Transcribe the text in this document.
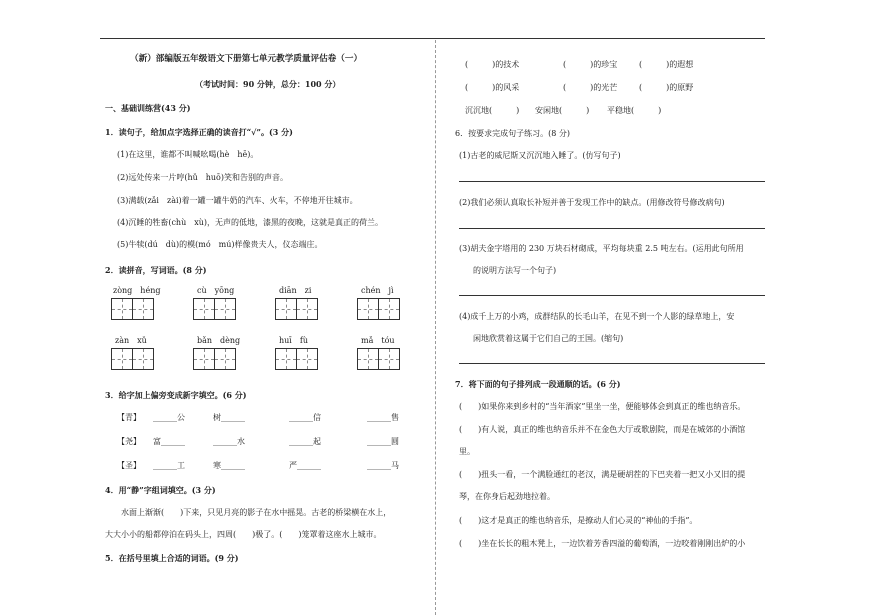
（新）部编版五年级语文下册第七单元教学质量评估卷（一）
（考试时间：90 分钟，总分：100 分）
一、基础训练营(43 分)
1．读句子，给加点字选择正确的读音打“√”。(3 分)
(1)在这里，谁都不叫喊吆喝(hè　hē)。
(2)远处传来一片哼(hǔ　huō)笑和告别的声音。
(3)满载(zǎi　zài)着一罐一罐牛奶的汽车、火车，不停地开往城市。
(4)沉睡的牲畜(chù　xù)，无声的低地，漆黑的夜晚，这就是真正的荷兰。
(5)牛犊(dú　dù)的模(mó　mú)样像贵夫人，仪态端庄。
2．读拼音，写词语。(8 分)
zòng　héng	cù　yōng	diān　zi	chén　jì
zàn　xǔ	bǎn　dèng	huī　fù	mǎ　tóu
3．给字加上偏旁变成新字填空。(6 分)
【青】 ______公	树______	______信	______售
【尧】 富______	______水	______起	______圆
【圣】 ______工	寒______	严______	______马
4．用“静”字组词填空。(3 分)
水面上渐渐(　　)下来，只见月亮的影子在水中摇晃。古老的桥梁横在水上，
大大小小的船都停泊在码头上，四周(　　)极了。(　　)笼罩着这座水上城市。
5．在括号里填上合适的词语。(9 分)
(　　　)的技术	(　　　)的珍宝	(　　　)的遐想
(　　　)的风采	(　　　)的光芒	(　　　)的原野
沉沉地(　　　) 安闲地(　　　) 平稳地(　　　)
6．按要求完成句子练习。(8 分)
(1)古老的威尼斯又沉沉地入睡了。(仿写句子)
(2)我们必须认真取长补短并善于发现工作中的缺点。(用修改符号修改病句)
(3)胡夫金字塔用的 230 万块石材砌成，平均每块重 2.5 吨左右。(运用此句所用
的说明方法写一个句子)
(4)成千上万的小鸡，成群结队的长毛山羊，在见不到一个人影的绿草地上，安
闲地欣赏着这属于它们自己的王国。(缩句)
7．将下面的句子排列成一段通顺的话。(6 分)
(　　)如果你来到乡村的“当年酒家”里坐一坐，便能够体会到真正的维也纳音乐。
(　　)有人说，真正的维也纳音乐并不在金色大厅或歌剧院，而是在城郊的小酒馆
里。
(　　)扭头一看，一个满脸通红的老汉，满是硬胡茬的下巴夹着一把又小又旧的提
琴，在你身后起劲地拉着。
(　　)这才是真正的维也纳音乐，是撩动人们心灵的“神仙的手指”。
(　　)坐在长长的粗木凳上，一边饮着芳香四溢的葡萄酒，一边咬着刚刚出炉的小
